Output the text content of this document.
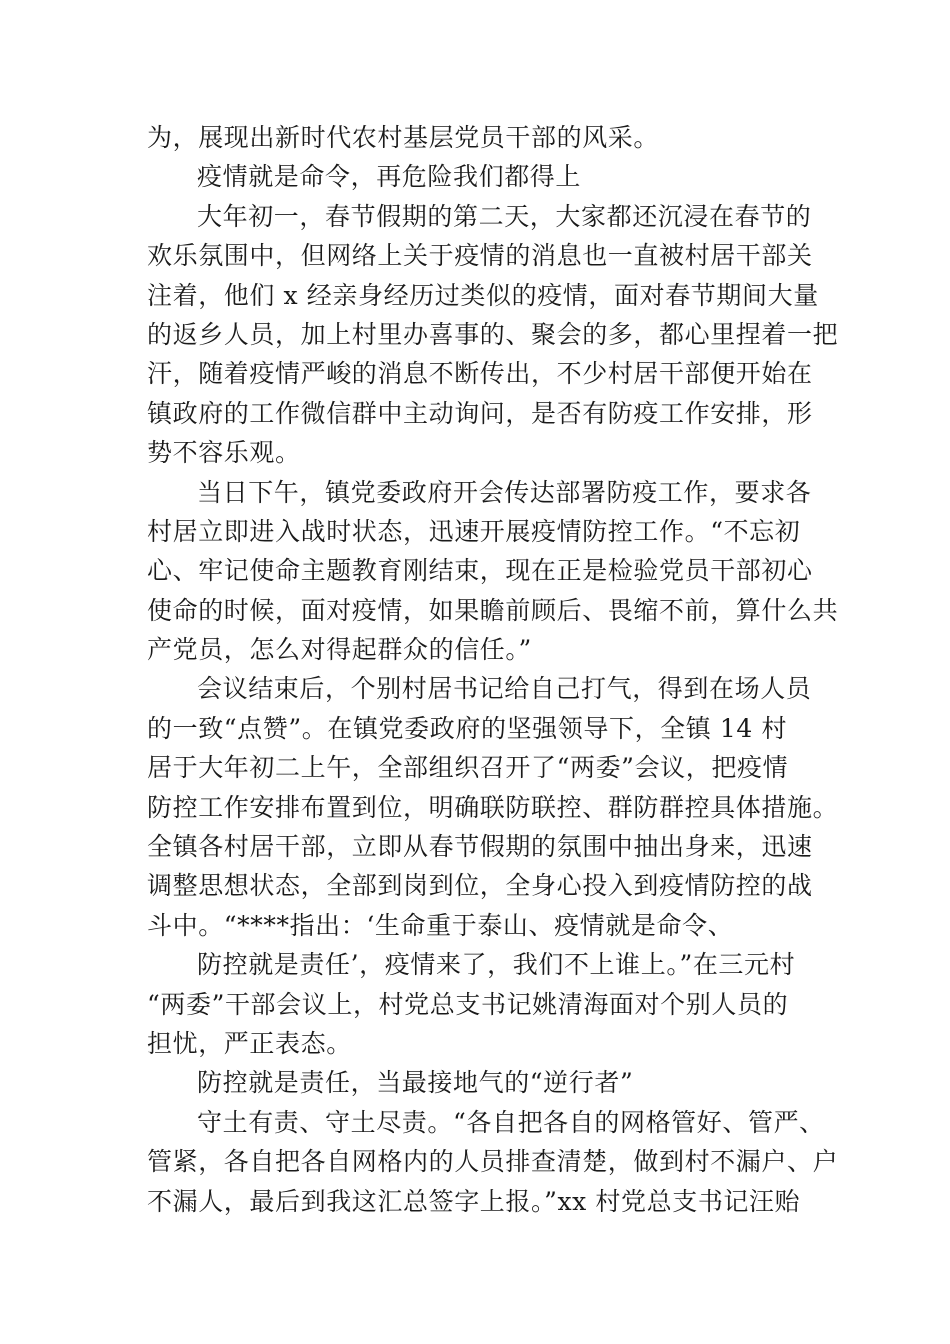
为，展现出新时代农村基层党员干部的风采。
疫情就是命令，再危险我们都得上
大年初一，春节假期的第二天，大家都还沉浸在春节的
欢乐氛围中，但网络上关于疫情的消息也一直被村居干部关
注着，他们 x 经亲身经历过类似的疫情，面对春节期间大量
的返乡人员，加上村里办喜事的、聚会的多，都心里捏着一把
汗，随着疫情严峻的消息不断传出，不少村居干部便开始在
镇政府的工作微信群中主动询问，是否有防疫工作安排，形
势不容乐观。
当日下午，镇党委政府开会传达部署防疫工作，要求各
村居立即进入战时状态，迅速开展疫情防控工作。“不忘初
心、牢记使命主题教育刚结束，现在正是检验党员干部初心
使命的时候，面对疫情，如果瞻前顾后、畏缩不前，算什么共
产党员，怎么对得起群众的信任。”
会议结束后，个别村居书记给自己打气，得到在场人员
的一致“点赞”。在镇党委政府的坚强领导下，全镇 14 村
居于大年初二上午，全部组织召开了“两委”会议，把疫情
防控工作安排布置到位，明确联防联控、群防群控具体措施。
全镇各村居干部，立即从春节假期的氛围中抽出身来，迅速
调整思想状态，全部到岗到位，全身心投入到疫情防控的战
斗中。“****指出：‘生命重于泰山、疫情就是命令、
防控就是责任’，疫情来了，我们不上谁上。”在三元村
“两委”干部会议上，村党总支书记姚清海面对个别人员的
担忧，严正表态。
防控就是责任，当最接地气的“逆行者”
守土有责、守土尽责。“各自把各自的网格管好、管严、
管紧，各自把各自网格内的人员排查清楚，做到村不漏户、户
不漏人，最后到我这汇总签字上报。”xx 村党总支书记汪贻
